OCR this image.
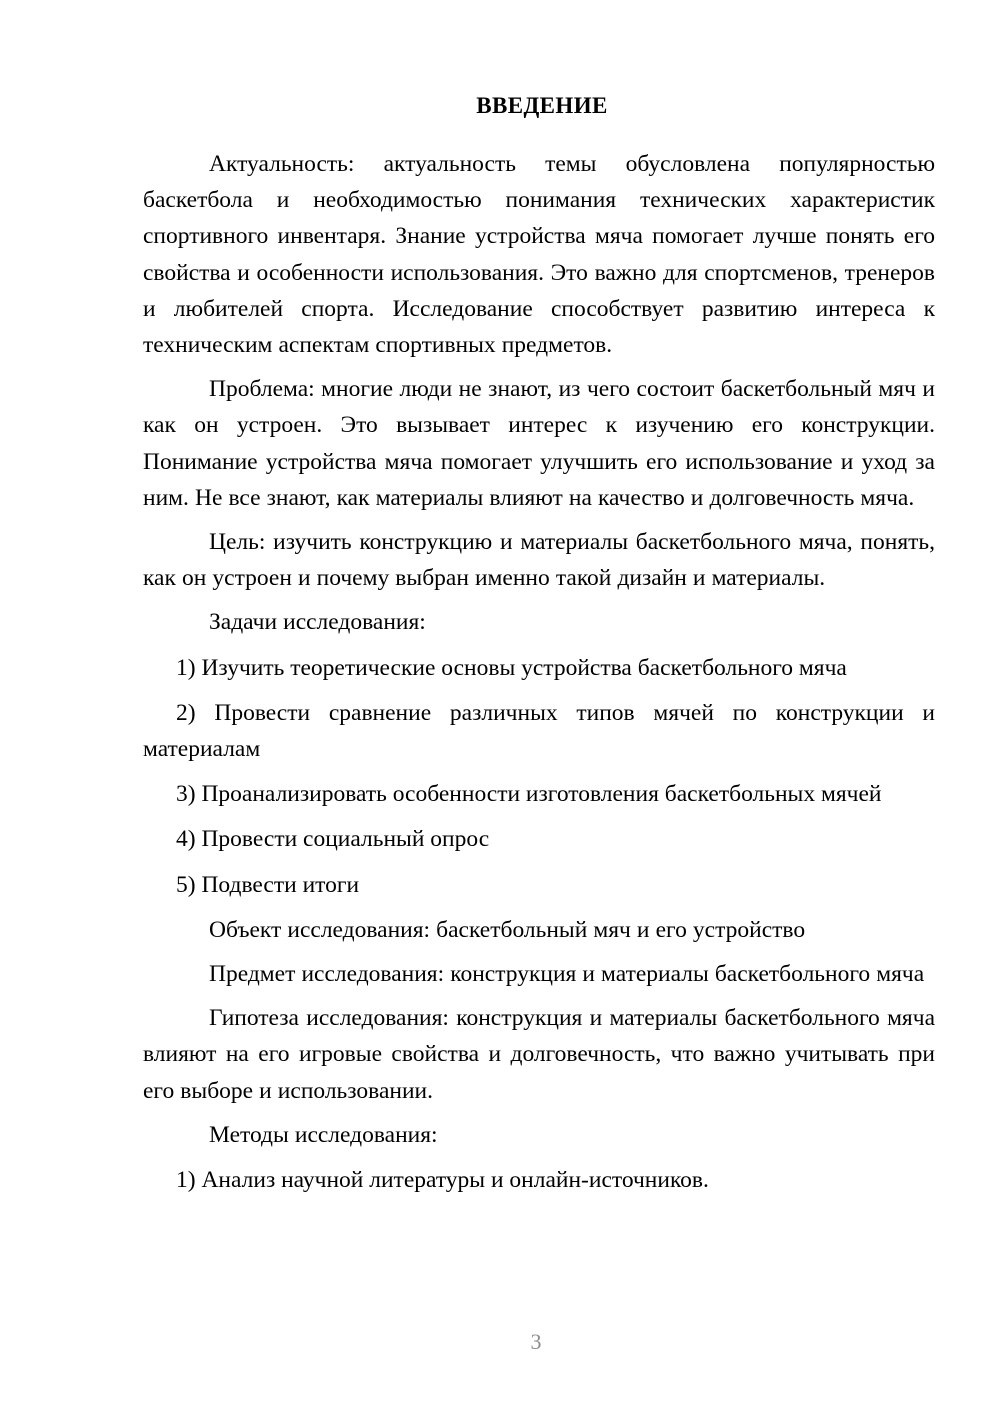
ВВЕДЕНИЕ

Актуальность: актуальность темы обусловлена популярностью баскетбола и необходимостью понимания технических характеристик спортивного инвентаря. Знание устройства мяча помогает лучше понять его свойства и особенности использования. Это важно для спортсменов, тренеров и любителей спорта. Исследование способствует развитию интереса к техническим аспектам спортивных предметов.

Проблема: многие люди не знают, из чего состоит баскетбольный мяч и как он устроен. Это вызывает интерес к изучению его конструкции. Понимание устройства мяча помогает улучшить его использование и уход за ним. Не все знают, как материалы влияют на качество и долговечность мяча.

Цель: изучить конструкцию и материалы баскетбольного мяча, понять, как он устроен и почему выбран именно такой дизайн и материалы.

Задачи исследования:

1) Изучить теоретические основы устройства баскетбольного мяча

2) Провести сравнение различных типов мячей по конструкции и материалам

3) Проанализировать особенности изготовления баскетбольных мячей

4) Провести социальный опрос

5) Подвести итоги

Объект исследования: баскетбольный мяч и его устройство

Предмет исследования: конструкция и материалы баскетбольного мяча

Гипотеза исследования: конструкция и материалы баскетбольного мяча влияют на его игровые свойства и долговечность, что важно учитывать при его выборе и использовании.

Методы исследования:

1) Анализ научной литературы и онлайн-источников.

3
